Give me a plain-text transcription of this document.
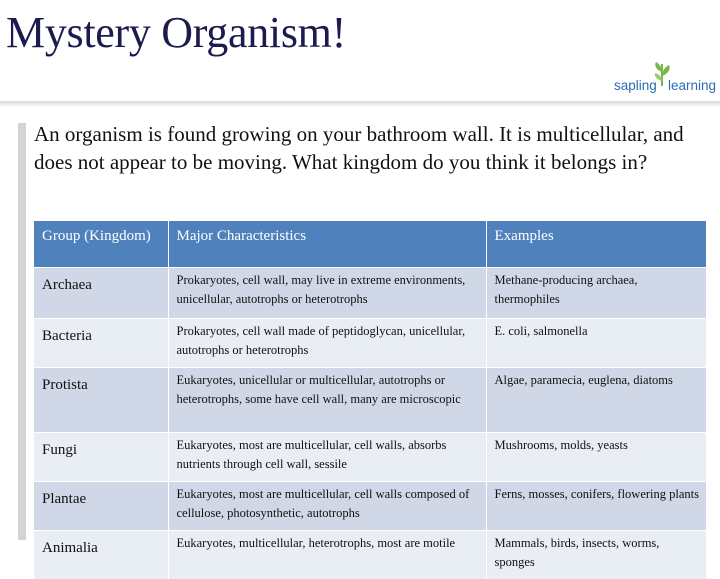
Mystery Organism!
sapling learning
An organism is found growing on your bathroom wall. It is multicellular, and does not appear to be moving. What kingdom do you think it belongs in?
Group (Kingdom)	Major Characteristics	Examples
Archaea	Prokaryotes, cell wall, may live in extreme environments, unicellular, autotrophs or heterotrophs	Methane-producing archaea, thermophiles
Bacteria	Prokaryotes, cell wall made of peptidoglycan, unicellular, autotrophs or heterotrophs	E. coli, salmonella
Protista	Eukaryotes, unicellular or multicellular, autotrophs or heterotrophs, some have cell wall, many are microscopic	Algae, paramecia, euglena, diatoms
Fungi	Eukaryotes, most are multicellular, cell walls, absorbs nutrients through cell wall, sessile	Mushrooms, molds, yeasts
Plantae	Eukaryotes, most are multicellular, cell walls composed of cellulose, photosynthetic, autotrophs	Ferns, mosses, conifers, flowering plants
Animalia	Eukaryotes, multicellular, heterotrophs, most are motile	Mammals, birds, insects, worms, sponges
